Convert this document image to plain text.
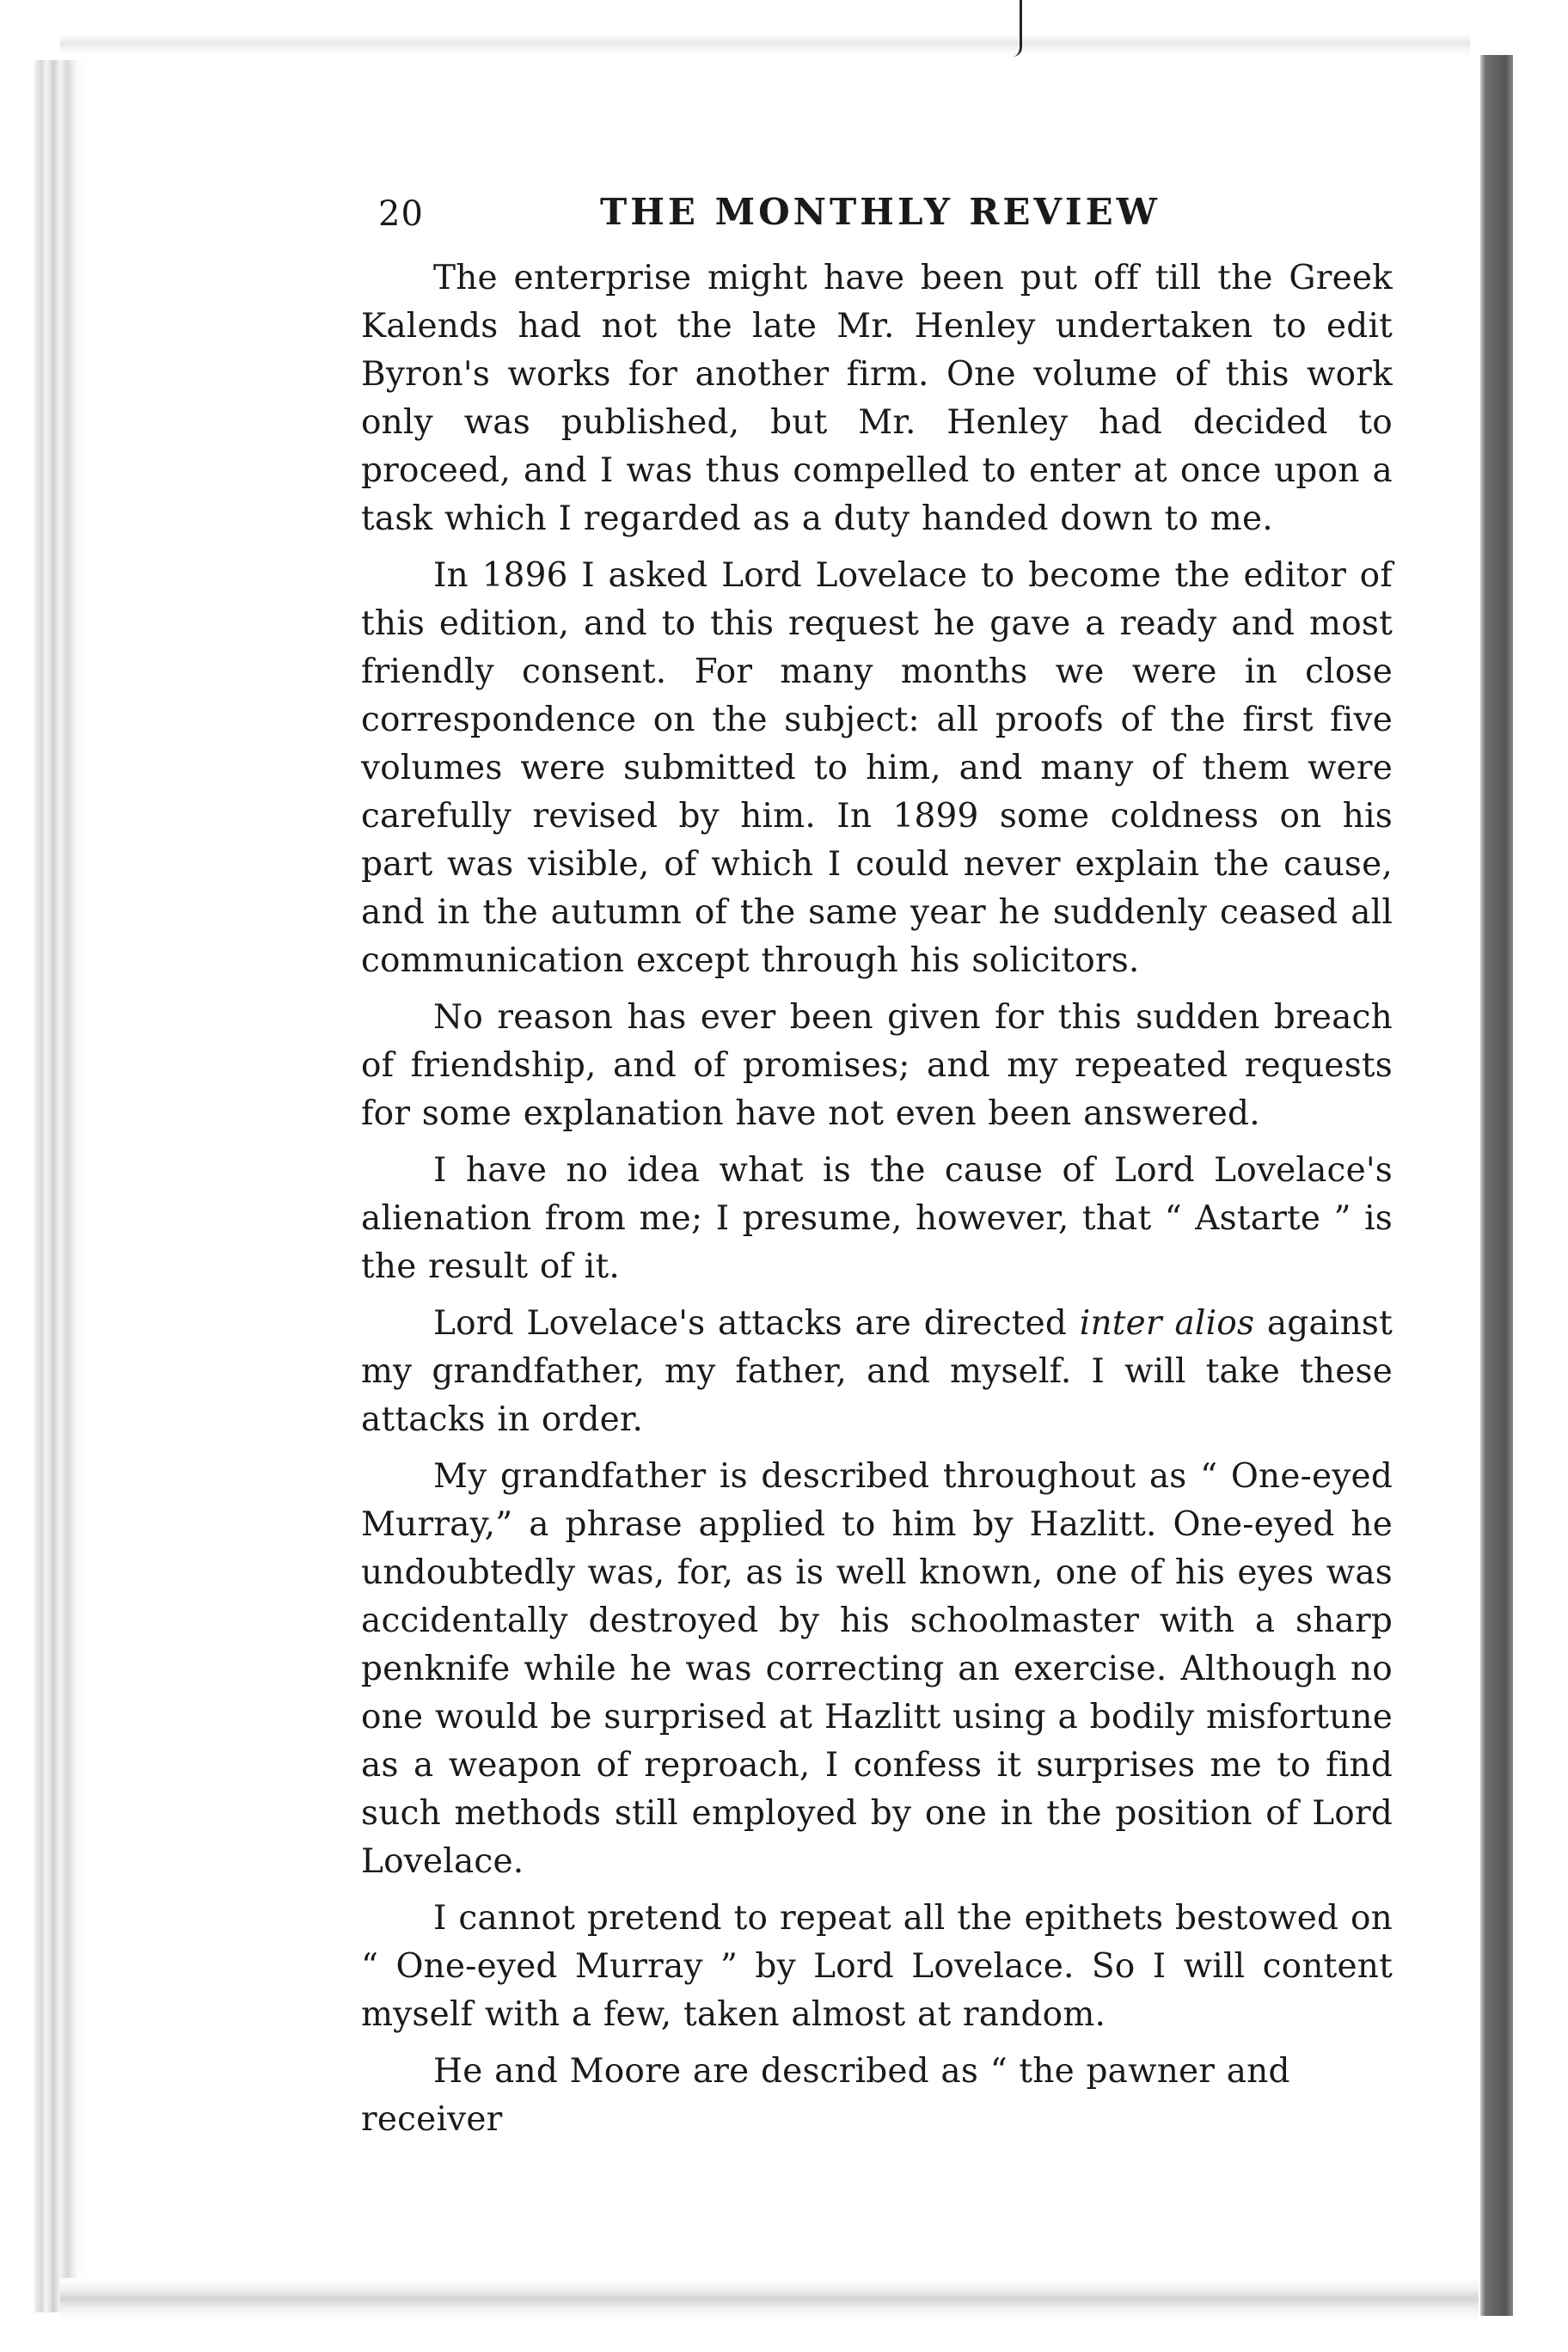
20	THE MONTHLY REVIEW

The enterprise might have been put off till the Greek Kalends had not the late Mr. Henley undertaken to edit Byron's works for another firm. One volume of this work only was published, but Mr. Henley had decided to proceed, and I was thus compelled to enter at once upon a task which I regarded as a duty handed down to me.

In 1896 I asked Lord Lovelace to become the editor of this edition, and to this request he gave a ready and most friendly consent. For many months we were in close correspondence on the subject: all proofs of the first five volumes were submitted to him, and many of them were carefully revised by him. In 1899 some coldness on his part was visible, of which I could never explain the cause, and in the autumn of the same year he suddenly ceased all communication except through his solicitors.

No reason has ever been given for this sudden breach of friendship, and of promises; and my repeated requests for some explanation have not even been answered.

I have no idea what is the cause of Lord Lovelace's alienation from me; I presume, however, that “ Astarte ” is the result of it.

Lord Lovelace's attacks are directed inter alios against my grandfather, my father, and myself. I will take these attacks in order.

My grandfather is described throughout as “ One-eyed Murray,” a phrase applied to him by Hazlitt. One-eyed he undoubtedly was, for, as is well known, one of his eyes was accidentally destroyed by his schoolmaster with a sharp penknife while he was correcting an exercise. Although no one would be surprised at Hazlitt using a bodily misfortune as a weapon of reproach, I confess it surprises me to find such methods still employed by one in the position of Lord Lovelace.

I cannot pretend to repeat all the epithets bestowed on “ One-eyed Murray ” by Lord Lovelace. So I will content myself with a few, taken almost at random.

He and Moore are described as “ the pawner and receiver
